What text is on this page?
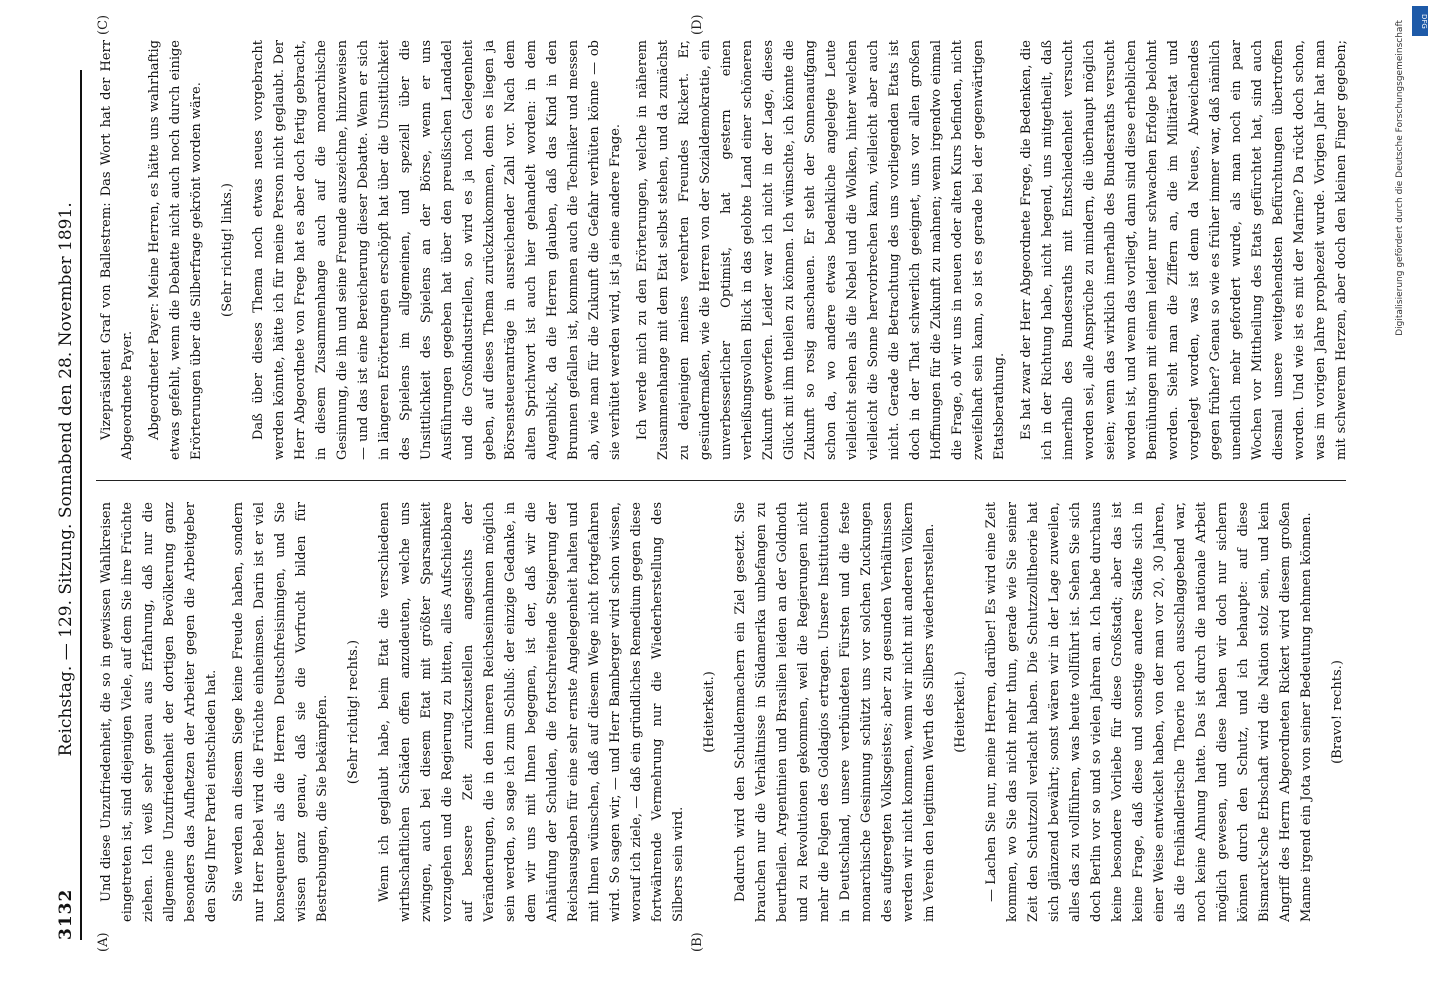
3132
Reichstag. — 129. Sitzung. Sonnabend den 28. November 1891.
(A)	(B)
(C)	(D)

Und diese Unzufriedenheit, die so in gewissen Wahlkreisen eingetreten ist, sind diejenigen Viele, auf dem Sie ihre Früchte ziehen. Ich weiß sehr genau aus Erfahrung, daß nur die allgemeine Unzufriedenheit der dortigen Bevölkerung ganz besonders das Aufhetzen der Arbeiter gegen die Arbeitgeber den Sieg Ihrer Partei entschieden hat. Sie werden an diesem Siege keine Freude haben, sondern nur Herr Bebel wird die Früchte einheimsen. Darin ist er viel konsequenter als die Herren Deutschfreisinnigen, und Sie wissen ganz genau, daß sie die Vorfrucht bilden für Bestrebungen, die Sie bekämpfen. (Sehr richtig! rechts.) Wenn ich geglaubt habe, beim Etat die verschiedenen wirthschaftlichen Schäden offen anzudeuten, welche uns zwingen, auch bei diesem Etat mit größter Sparsamkeit vorzugehen und die Regierung zu bitten, alles Aufschiebbare auf bessere Zeit zurückzustellen angesichts der Veränderungen, die in den inneren Reichseinnahmen möglich sein werden, so sage ich zum Schluß: der einzige Gedanke, in dem wir uns mit Ihnen begegnen, ist der, daß wir die Anhäufung der Schulden, die fortschreitende Steigerung der Reichsausgaben für eine sehr ernste Angelegenheit halten und mit Ihnen wünschen, daß auf diesem Wege nicht fortgefahren wird. So sagen wir, — und Herr Bamberger wird schon wissen, worauf ich ziele, — daß ein gründliches Remedium gegen diese fortwährende Vermehrung nur die Wiederherstellung des Silbers sein wird.

(Heiterkeit.) Dadurch wird den Schuldenmachern ein Ziel gesetzt. Sie brauchen nur die Verhältnisse in Südamerika unbefangen zu beurtheilen. Argentinien und Brasilien leiden an der Goldnoth und zu Revolutionen gekommen, weil die Regierungen nicht mehr die Folgen des Goldagios ertragen. Unsere Institutionen in Deutschland, unsere verbündeten Fürsten und die feste monarchische Gesinnung schützt uns vor solchen Zuckungen des aufgeregten Volksgeistes; aber zu gesunden Verhältnissen werden wir nicht kommen, wenn wir nicht mit anderen Völkern im Verein den legitimen Werth des Silbers wiederherstellen. (Heiterkeit.) — Lachen Sie nur, meine Herren, darüber! Es wird eine Zeit kommen, wo Sie das nicht mehr thun, gerade wie Sie seiner Zeit den Schutzzoll verlacht haben. Die Schutzzolltheorie hat sich glänzend bewährt; sonst wären wir in der Lage zuweilen, alles das zu vollführen, was heute vollführt ist. Sehen Sie sich doch Berlin vor so und so vielen Jahren an. Ich habe durchaus keine besondere Vorliebe für diese Großstadt; aber das ist keine Frage, daß diese und sonstige andere Städte sich in einer Weise entwickelt haben, von der man vor 20, 30 Jahren, als die freihändlerische Theorie noch ausschlaggebend war, noch keine Ahnung hatte. Das ist durch die nationale Arbeit möglich gewesen, und diese haben wir doch nur sichern können durch den Schutz, und ich behaupte: auf diese Bismarck'sche Erbschaft wird die Nation stolz sein, und kein Angriff des Herrn Abgeordneten Rickert wird diesem großen Manne irgend ein Jota von seiner Bedeutung nehmen können. (Bravo! rechts.)

Vizepräsident Graf von Ballestrem: Das Wort hat der Herr Abgeordnete Payer. Abgeordneter Payer: Meine Herren, es hätte uns wahrhaftig etwas gefehlt, wenn die Debatte nicht auch noch durch einige Erörterungen über die Silberfrage gekrönt worden wäre. (Sehr richtig! links.) Daß über dieses Thema noch etwas neues vorgebracht werden könnte, hätte ich für meine Person nicht geglaubt. Der Herr Abgeordnete von Frege hat es aber doch fertig gebracht, in diesem Zusammenhange auch auf die monarchische Gesinnung, die ihn und seine Freunde auszeichne, hinzuweisen — und das ist eine Bereicherung dieser Debatte. Wenn er sich in längeren Erörterungen erschöpft hat über die Unsittlichkeit des Spielens im allgemeinen, und speziell über die Unsittlichkeit des Spielens an der Börse, wenn er uns Ausführungen gegeben hat über den preußischen Landadel und die Großindustriellen, so wird es ja noch Gelegenheit geben, auf dieses Thema zurückzukommen, denn es liegen ja Börsensteueranträge in ausreichender Zahl vor. Nach dem alten Sprichwort ist auch hier gehandelt worden: in dem Augenblick, da die Herren glauben, daß das Kind in den Brunnen gefallen ist, kommen auch die Techniker und messen ab, wie man für die Zukunft die Gefahr verhüten könne — ob sie verhütet werden wird, ist ja eine andere Frage. Ich werde mich zu den Erörterungen, welche in näherem Zusammenhange mit dem Etat selbst stehen, und da zunächst zu denjenigen meines verehrten Freundes Rickert. Er, gesündermaßen, wie die Herren von der Sozialdemokratie, ein unverbesserlicher Optimist, hat gestern einen verheißungsvollen Blick in das gelobte Land einer schöneren Zukunft geworfen. Leider war ich nicht in der Lage, dieses Glück mit ihm theilen zu können. Ich wünschte, ich könnte die Zukunft so rosig anschauen. Er steht der Sonnenaufgang schon da, wo andere etwas bedenkliche angelegte Leute vielleicht sehen als die Nebel und die Wolken, hinter welchen vielleicht die Sonne hervorbrechen kann, vielleicht aber auch nicht. Gerade die Betrachtung des uns vorliegenden Etats ist doch in der That schwerlich geeignet, uns vor allen großen Hoffnungen für die Zukunft zu mahnen; wenn irgendwo einmal die Frage, ob wir uns in neuen oder alten Kurs befinden, nicht zweifelhaft sein kann, so ist es gerade bei der gegenwärtigen Etatsberathung. Es hat zwar der Herr Abgeordnete Frege, die Bedenken, die ich in der Richtung habe, nicht hegend, uns mitgetheilt, daß innerhalb des Bundesraths mit Entschiedenheit versucht worden sei, alle Ansprüche zu mindern, die überhaupt möglich seien; wenn das wirklich innerhalb des Bundesraths versucht worden ist, und wenn das vorliegt, dann sind diese erheblichen Bemühungen mit einem leider nur schwachen Erfolge belohnt worden. Sieht man die Ziffern an, die im Militäretat und vorgelegt worden, was ist denn da Neues, Abweichendes gegen früher? Genau so wie es früher immer war, daß nämlich unendlich mehr gefordert wurde, als man noch ein paar Wochen vor Mittheilung des Etats gefürchtet hat, sind auch diesmal unsere weitgehendsten Befürchtungen übertroffen worden. Und wie ist es mit der Marine? Da rückt doch schon, was im vorigen Jahre prophezeit wurde. Vorigen Jahr hat man mit schwerem Herzen, aber doch den kleinen Finger gegeben;	Digitalisierung gefördert durch die Deutsche Forschungsgemeinschaft	DFG
